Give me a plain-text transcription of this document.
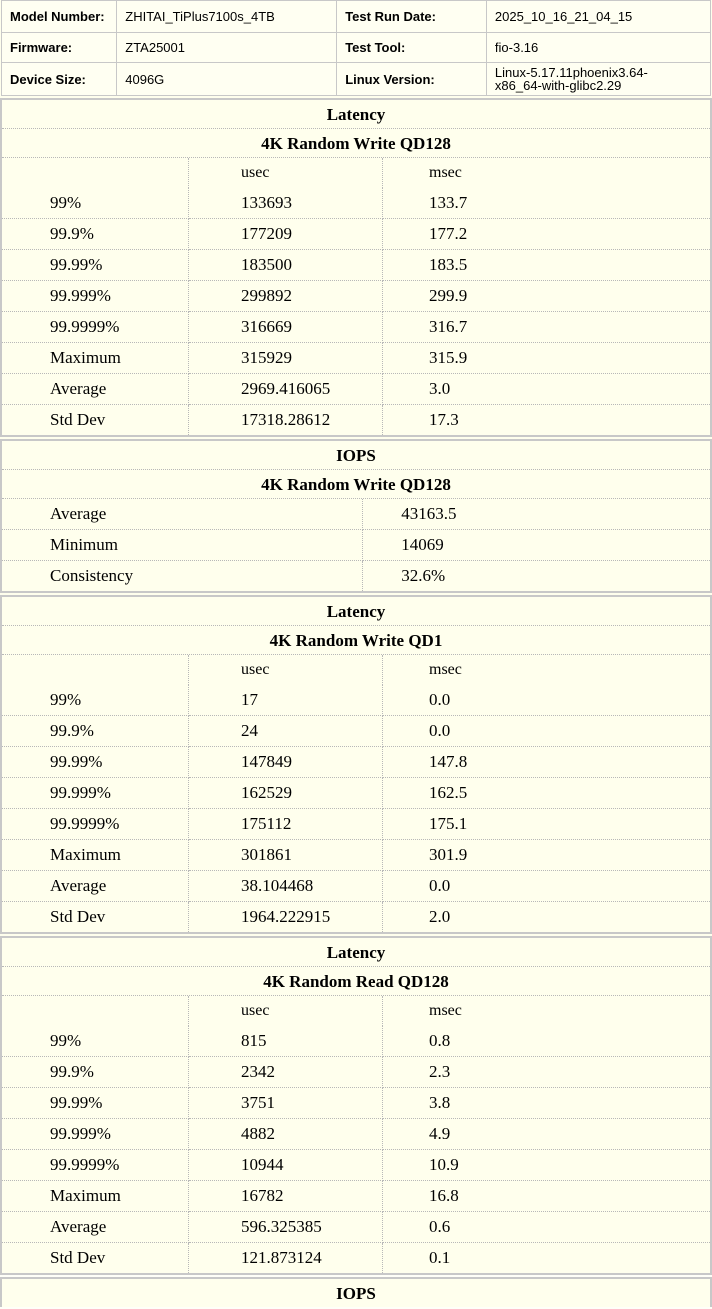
Model Number:	ZHITAI_TiPlus7100s_4TB	Test Run Date:	2025_10_16_21_04_15
Firmware:	ZTA25001	Test Tool:	fio-3.16
Device Size:	4096G	Linux Version:	Linux-5.17.11phoenix3.64-
x86_64-with-glibc2.29
Latency
4K Random Write QD128
	usec	msec
99%	133693	133.7
99.9%	177209	177.2
99.99%	183500	183.5
99.999%	299892	299.9
99.9999%	316669	316.7
Maximum	315929	315.9
Average	2969.416065	3.0
Std Dev	17318.28612	17.3
IOPS
4K Random Write QD128
Average	43163.5
Minimum	14069
Consistency	32.6%
Latency
4K Random Write QD1
	usec	msec
99%	17	0.0
99.9%	24	0.0
99.99%	147849	147.8
99.999%	162529	162.5
99.9999%	175112	175.1
Maximum	301861	301.9
Average	38.104468	0.0
Std Dev	1964.222915	2.0
Latency
4K Random Read QD128
	usec	msec
99%	815	0.8
99.9%	2342	2.3
99.99%	3751	3.8
99.999%	4882	4.9
99.9999%	10944	10.9
Maximum	16782	16.8
Average	596.325385	0.6
Std Dev	121.873124	0.1
IOPS
